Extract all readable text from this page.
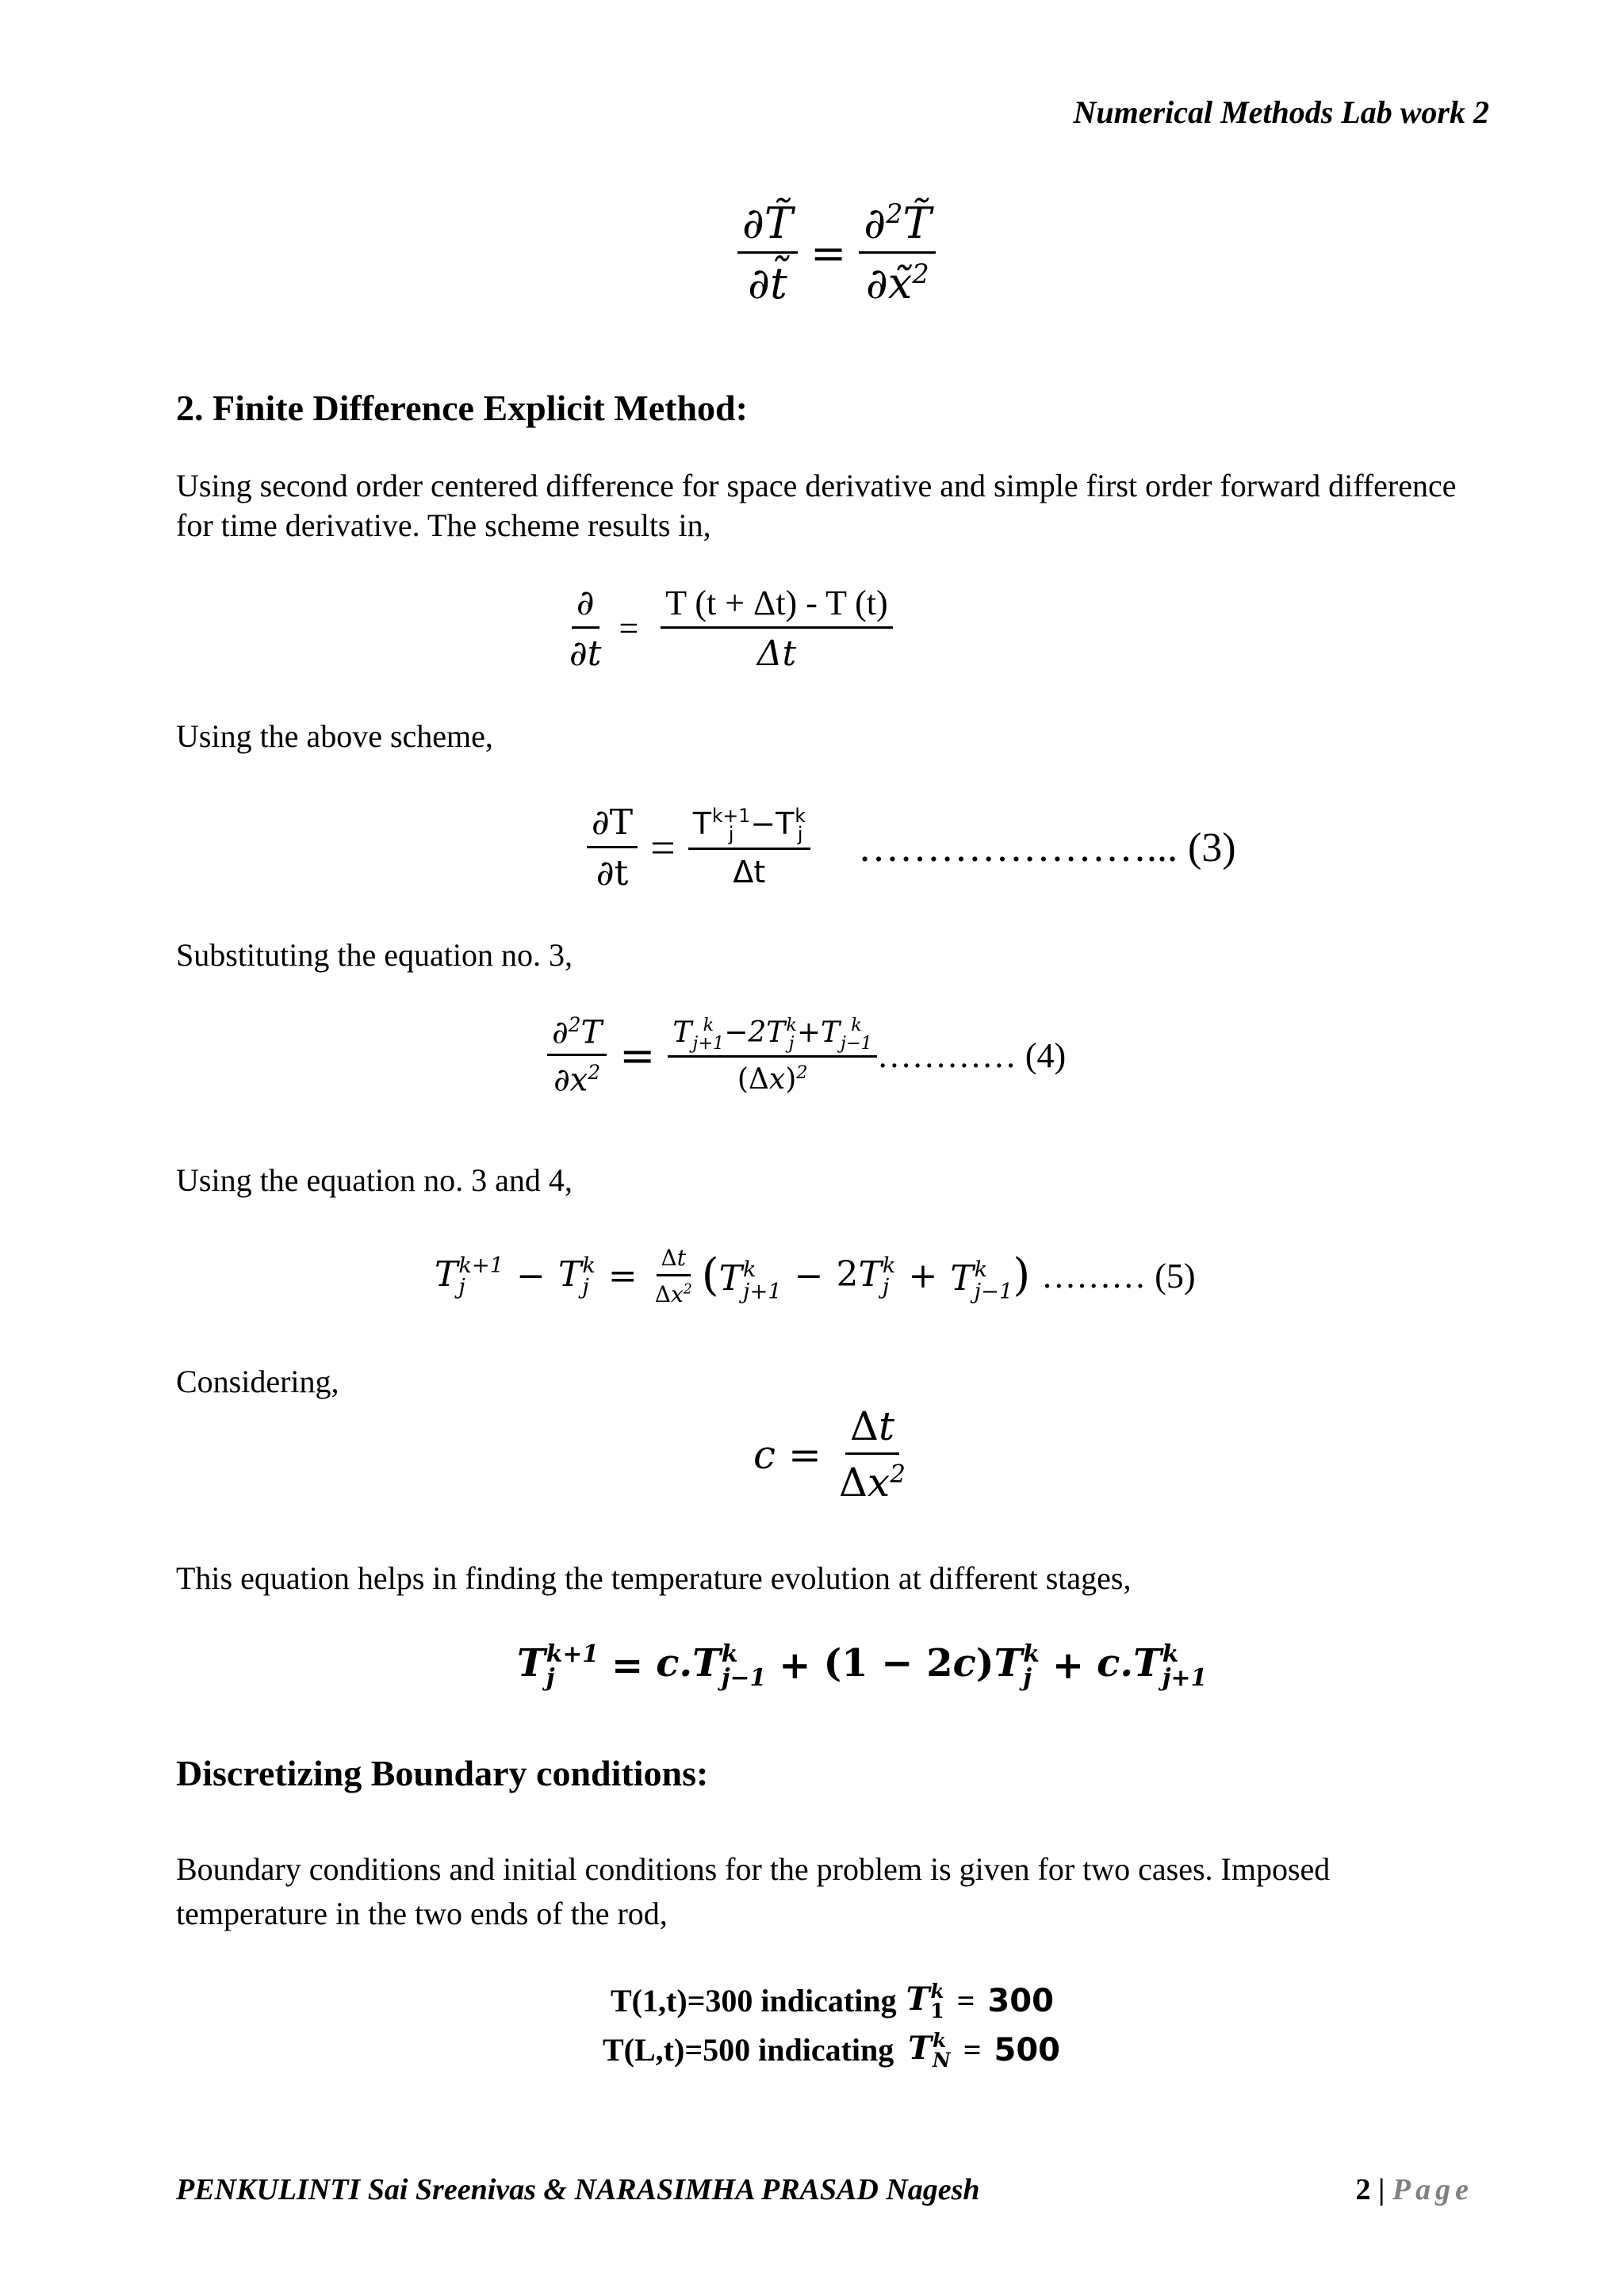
Numerical Methods Lab work 2
$\frac{\partial T̃}{\partial t̃} = \frac{\partial^2T̃}{\partial x̃^2}$
2. Finite Difference Explicit Method:
Using second order centered difference for space derivative and simple first order forward difference for time derivative. The scheme results in,
$\frac{\partial}{\partial t} = \frac{T (t + \Delta t) - T (t)}{\Delta t}$
Using the above scheme,
$\frac{\partial T}{\partial t} = T$ k+1
j −T k
j
Δt …………………... (3)
Substituting the equation no. 3,
$\frac{\partial^2T}{\partial x^2} = T$ k
j+1 −2T k
j +T k
j−1
$(\Delta x)^2$ ………… (4)
Using the equation no. 3 and 4,
T k+1
j	− T k
$j = \frac{\Delta t}{\Delta x^2} (T$ k
j+1 − 2T k
j + T k
j−1 ) ……… (5)
Considering,
$c = \frac{\Delta t}{\Delta x^2}$
This equation helps in finding the temperature evolution at different stages,
T k+1
j	= c.T k
j−1 + (1 − 2c)T k
j + c.T k
j+1
Discretizing Boundary conditions:
Boundary conditions and initial conditions for the problem is given for two cases. Imposed temperature in the two ends of the rod,
T(1,t)=300 indicating T k
1 = 300
T(L,t)=500 indicating T k
N = 500
PENKULINTI Sai Sreenivas & NARASIMHA PRASAD Nagesh	2 | Page
